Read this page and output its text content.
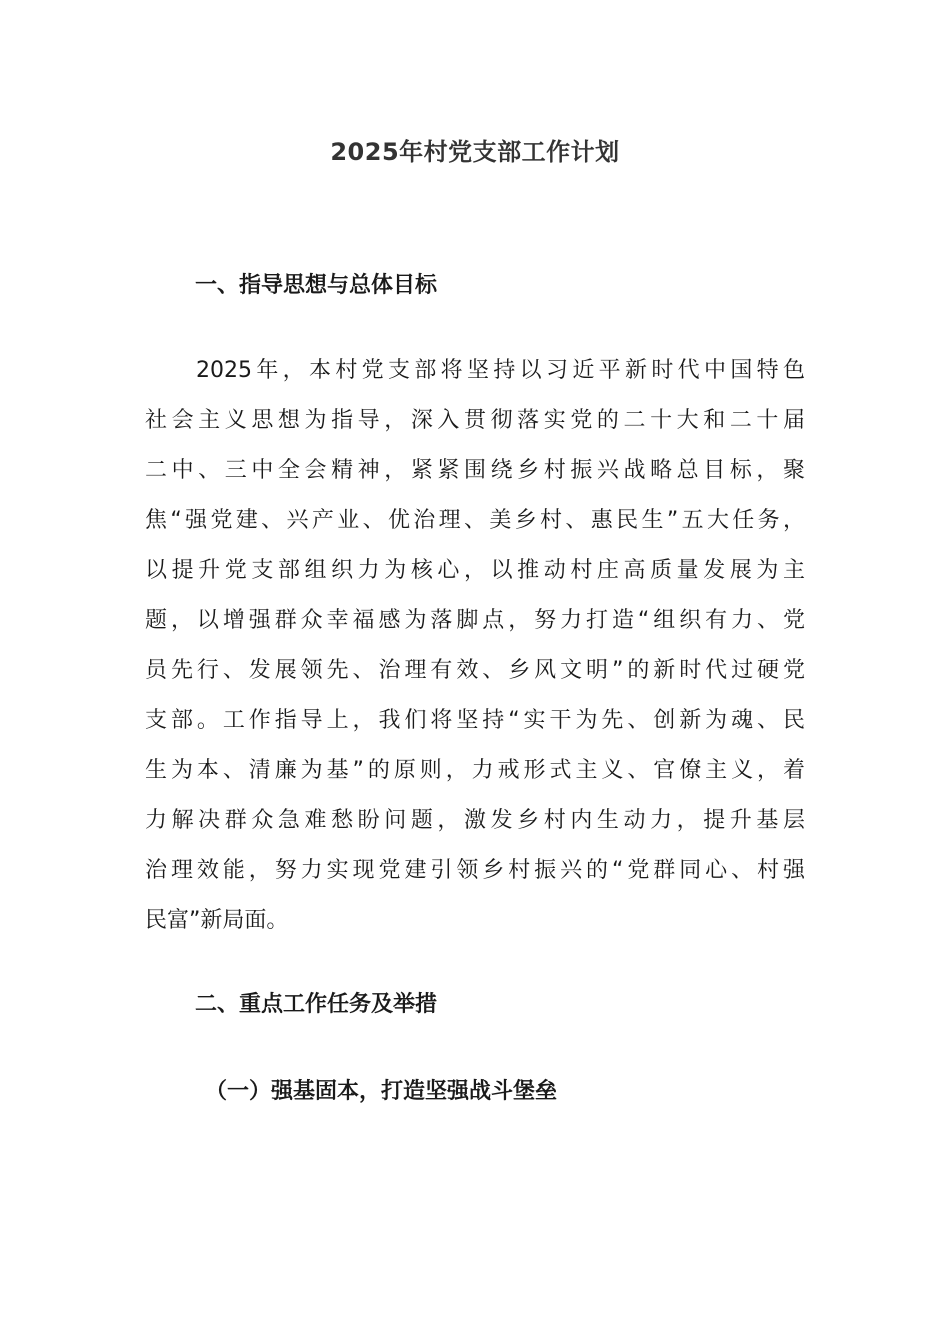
2025年村党支部工作计划
一、指导思想与总体目标
2025年，本村党支部将坚持以习近平新时代中国特色
社会主义思想为指导，深入贯彻落实党的二十大和二十届
二中、三中全会精神，紧紧围绕乡村振兴战略总目标，聚
焦“强党建、兴产业、优治理、美乡村、惠民生”五大任务，
以提升党支部组织力为核心，以推动村庄高质量发展为主
题，以增强群众幸福感为落脚点，努力打造“组织有力、党
员先行、发展领先、治理有效、乡风文明”的新时代过硬党
支部。工作指导上，我们将坚持“实干为先、创新为魂、民
生为本、清廉为基”的原则，力戒形式主义、官僚主义，着
力解决群众急难愁盼问题，激发乡村内生动力，提升基层
治理效能，努力实现党建引领乡村振兴的“党群同心、村强
民富”新局面。
二、重点工作任务及举措
（一）强基固本，打造坚强战斗堡垒
